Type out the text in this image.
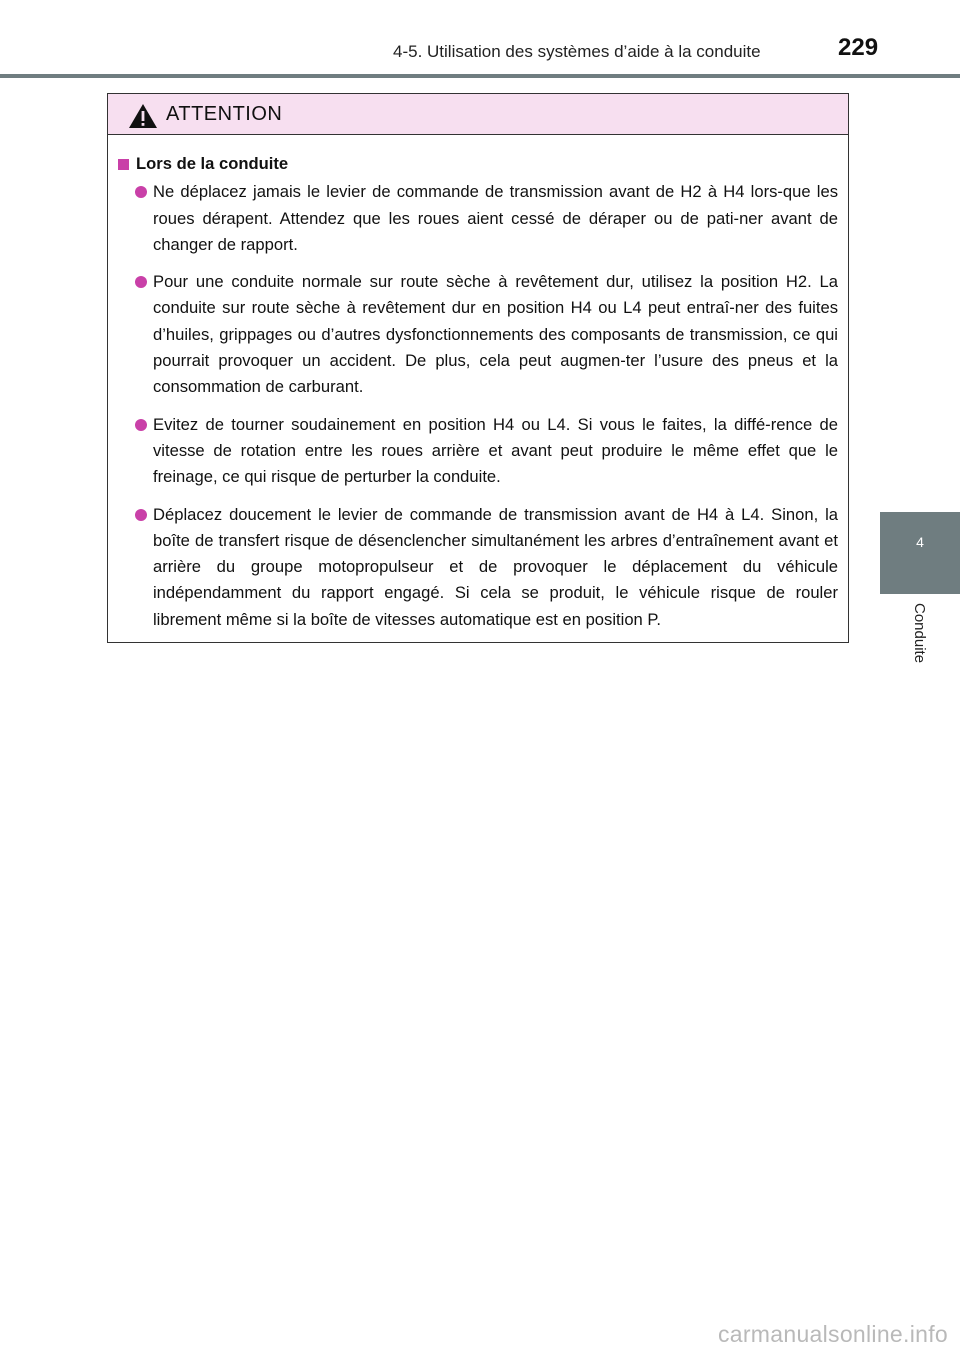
4-5. Utilisation des systèmes d’aide à la conduite	229
4
Conduite
ATTENTION
Lors de la conduite
Ne déplacez jamais le levier de commande de transmission avant de H2 à H4 lors-que les roues dérapent. Attendez que les roues aient cessé de déraper ou de pati-ner avant de changer de rapport.
Pour une conduite normale sur route sèche à revêtement dur, utilisez la position H2. La conduite sur route sèche à revêtement dur en position H4 ou L4 peut entraî-ner des fuites d’huiles, grippages ou d’autres dysfonctionnements des composants de transmission, ce qui pourrait provoquer un accident. De plus, cela peut augmen-ter l’usure des pneus et la consommation de carburant.
Evitez de tourner soudainement en position H4 ou L4. Si vous le faites, la diffé-rence de vitesse de rotation entre les roues arrière et avant peut produire le même effet que le freinage, ce qui risque de perturber la conduite.
Déplacez doucement le levier de commande de transmission avant de H4 à L4. Sinon, la boîte de transfert risque de désenclencher simultanément les arbres d’entraînement avant et arrière du groupe motopropulseur et de provoquer le déplacement du véhicule indépendamment du rapport engagé. Si cela se produit, le véhicule risque de rouler librement même si la boîte de vitesses automatique est en position P.
carmanualsonline.info
